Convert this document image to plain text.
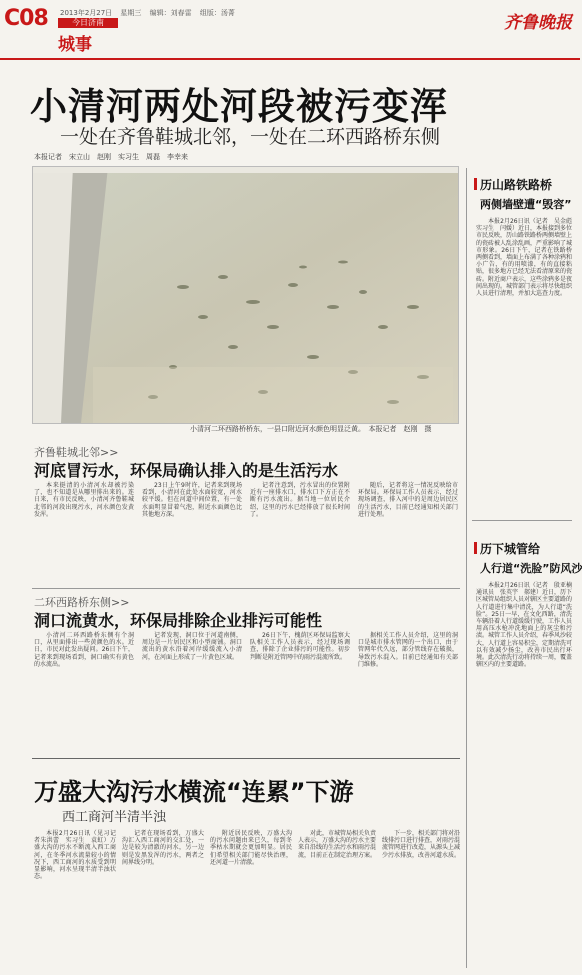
C08 2013年2月27日 星期三 编辑：刘春雷 组版：汤菁
今日济南
城事
齐鲁晚报
小清河两处河段被污变浑
一处在齐鲁鞋城北邻，一处在二环西路桥东侧
本报记者　宋立山　赵刚　实习生　周磊　李幸来
小清河二环西路桥桥东，一县口附近河水颜色明显泛黄。　本报记者　赵刚　摄
齐鲁鞋城北邻>>
河底冒污水，环保局确认排入的是生活污水

本来挺清的小清河水却被污染了，也不知道是从哪里排出来的。连日来，有市民反映，小清河齐鲁鞋城北邻的河段出现污水，河水颜色发黄发浑。

23日上午9时许，记者来到现场看到，小清河在此处水面较宽，河水较平缓。但在河道中间位置，有一处水面明显冒着气泡，附近水面颜色比其他地方深。

记者注意到，污水冒出的位置附近有一座排水口，排水口下方正在不断有污水流出。据当地一位居民介绍，这里的污水已经排放了很长时间了。

随后，记者将这一情况反映给市环保局。环保局工作人员表示，经过现场调查，排入河中的是周边居民区的生活污水，目前已经通知相关部门进行处理。

二环西路桥东侧>>
洞口流黄水，环保局排除企业排污可能性

小清河二环西路桥东侧有个洞口，从里面排出一些黄颜色的水。近日，市民对此发出疑问。26日下午，记者来到现场看到，洞口确实有黄色的水流出。

记者发现，洞口位于河道南侧，周边是一片居民区和小型商铺。洞口流出的黄水沿着河岸缓缓流入小清河，在河面上形成了一片黄色区域。

26日下午，槐荫区环保局监察大队相关工作人员表示，经过现场调查，排除了企业排污的可能性。初步判断是附近管网中的雨污混流所致。

据相关工作人员介绍，这里的洞口是城市排水管网的一个出口，由于管网年代久远，部分管线存在破损，导致污水混入。目前已经通知有关部门维修。

万盛大沟污水横流“连累”下游
西工商河半清半浊

本报2月26日讯（见习记者朱洪蕾　实习生　袁虹）万盛大沟的污水不断流入西工商河，在冬季河水流量较小的情况下，西工商河的水质受到明显影响，河水呈现半清半浊状态。

记者在现场看到，万盛大沟汇入西工商河的交汇处，一边是较为清澈的河水，另一边则是发黑发浑的污水，两者之间界线分明。

附近居民反映，万盛大沟的污水问题由来已久，每到冬季枯水期就会更加明显。居民们希望相关部门能尽快治理，还河道一片清澈。

对此，市城管局相关负责人表示，万盛大沟的污水主要来自沿线的生活污水和雨污混流，目前正在制定治理方案。

下一步，相关部门将对沿线排污口进行排查，对雨污混流管网进行改造，从源头上减少污水排放，改善河道水质。

历山路铁路桥
两侧墙壁遭“毁容”

本报2月26日讯（记者　吴金彪　实习生　闫媛）近日，本报接到多位市民反映，历山路铁路桥两侧墙壁上的瓷砖被人乱涂乱画，严重影响了城市形象。26日下午，记者在铁路桥两侧看到，墙面上布满了各种涂鸦和小广告，有的用喷漆，有的直接粘贴，很多地方已经无法看清原来的瓷砖。附近商户表示，这些涂鸦多是夜间出现的。城管部门表示将尽快组织人员进行清理，并加大巡查力度。

历下城管给
人行道“洗脸”防风沙

本报2月26日讯（记者　殷亚楠　通讯员　张英宇　郝建）近日，历下区城管局组织人员对辖区主要道路的人行道进行集中清洗，为人行道“洗脸”。25日一早，在文化西路，清洗车辆沿着人行道缓缓行驶，工作人员用高压水枪冲洗地面上的灰尘和污渍。城管工作人员介绍，春季风沙较大，人行道上容易积尘，定期清洗可以有效减少扬尘，改善市民出行环境。此次清洗行动将持续一周，覆盖辖区内的主要道路。
